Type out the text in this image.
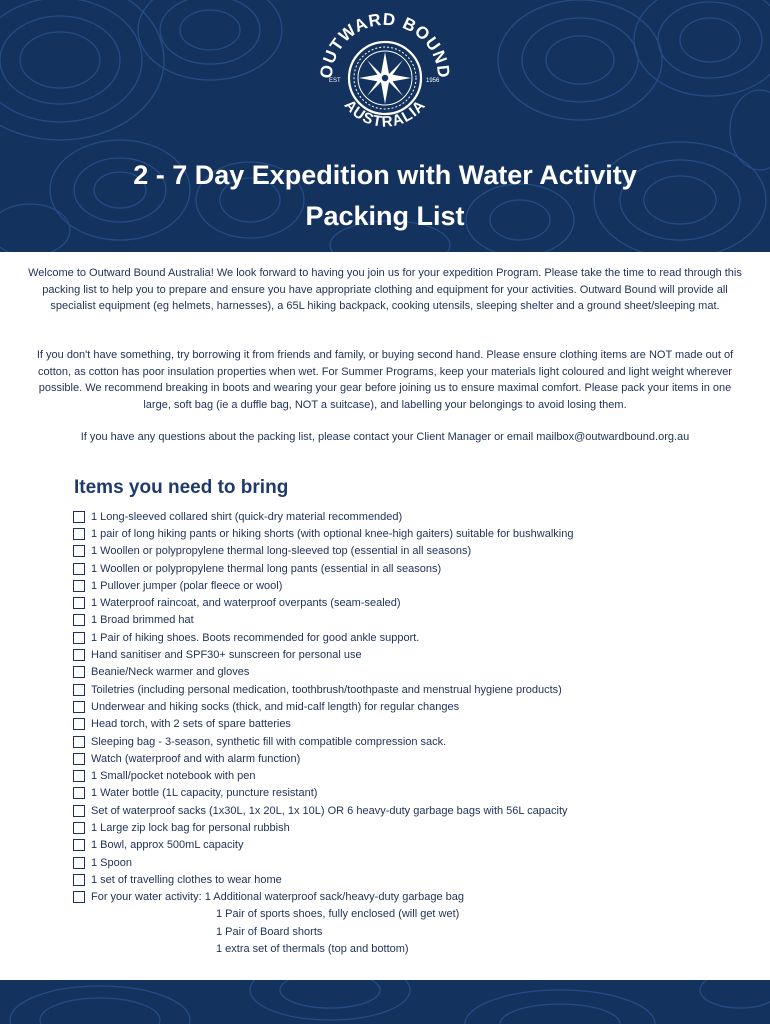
OUTWARD BOUND
AUSTRALIA
EST	1956
2 - 7 Day Expedition with Water Activity
Packing List

Welcome to Outward Bound Australia! We look forward to having you join us for your expedition Program. Please take the time to read through this packing list to help you to prepare and ensure you have appropriate clothing and equipment for your activities. Outward Bound will provide all specialist equipment (eg helmets, harnesses), a 65L hiking backpack, cooking utensils, sleeping shelter and a ground sheet/sleeping mat.

If you don't have something, try borrowing it from friends and family, or buying second hand. Please ensure clothing items are NOT made out of cotton, as cotton has poor insulation properties when wet. For Summer Programs, keep your materials light coloured and light weight wherever possible. We recommend breaking in boots and wearing your gear before joining us to ensure maximal comfort. Please pack your items in one large, soft bag (ie a duffle bag, NOT a suitcase), and labelling your belongings to avoid losing them.

If you have any questions about the packing list, please contact your Client Manager or email mailbox@outwardbound.org.au

Items you need to bring
1 Long-sleeved collared shirt (quick-dry material recommended)
1 pair of long hiking pants or hiking shorts (with optional knee-high gaiters) suitable for bushwalking
1 Woollen or polypropylene thermal long-sleeved top (essential in all seasons)
1 Woollen or polypropylene thermal long pants (essential in all seasons)
1 Pullover jumper (polar fleece or wool)
1 Waterproof raincoat, and waterproof overpants (seam-sealed)
1 Broad brimmed hat
1 Pair of hiking shoes. Boots recommended for good ankle support.
Hand sanitiser and SPF30+ sunscreen for personal use
Beanie/Neck warmer and gloves
Toiletries (including personal medication, toothbrush/toothpaste and menstrual hygiene products)
Underwear and hiking socks (thick, and mid-calf length) for regular changes
Head torch, with 2 sets of spare batteries
Sleeping bag - 3-season, synthetic fill with compatible compression sack.
Watch (waterproof and with alarm function)
1 Small/pocket notebook with pen
1 Water bottle (1L capacity, puncture resistant)
Set of waterproof sacks (1x30L, 1x 20L, 1x 10L) OR 6 heavy-duty garbage bags with 56L capacity
1 Large zip lock bag for personal rubbish
1 Bowl, approx 500mL capacity
1 Spoon
1 set of travelling clothes to wear home
For your water activity: 1 Additional waterproof sack/heavy-duty garbage bag
1 Pair of sports shoes, fully enclosed (will get wet)
1 Pair of Board shorts
1 extra set of thermals (top and bottom)
